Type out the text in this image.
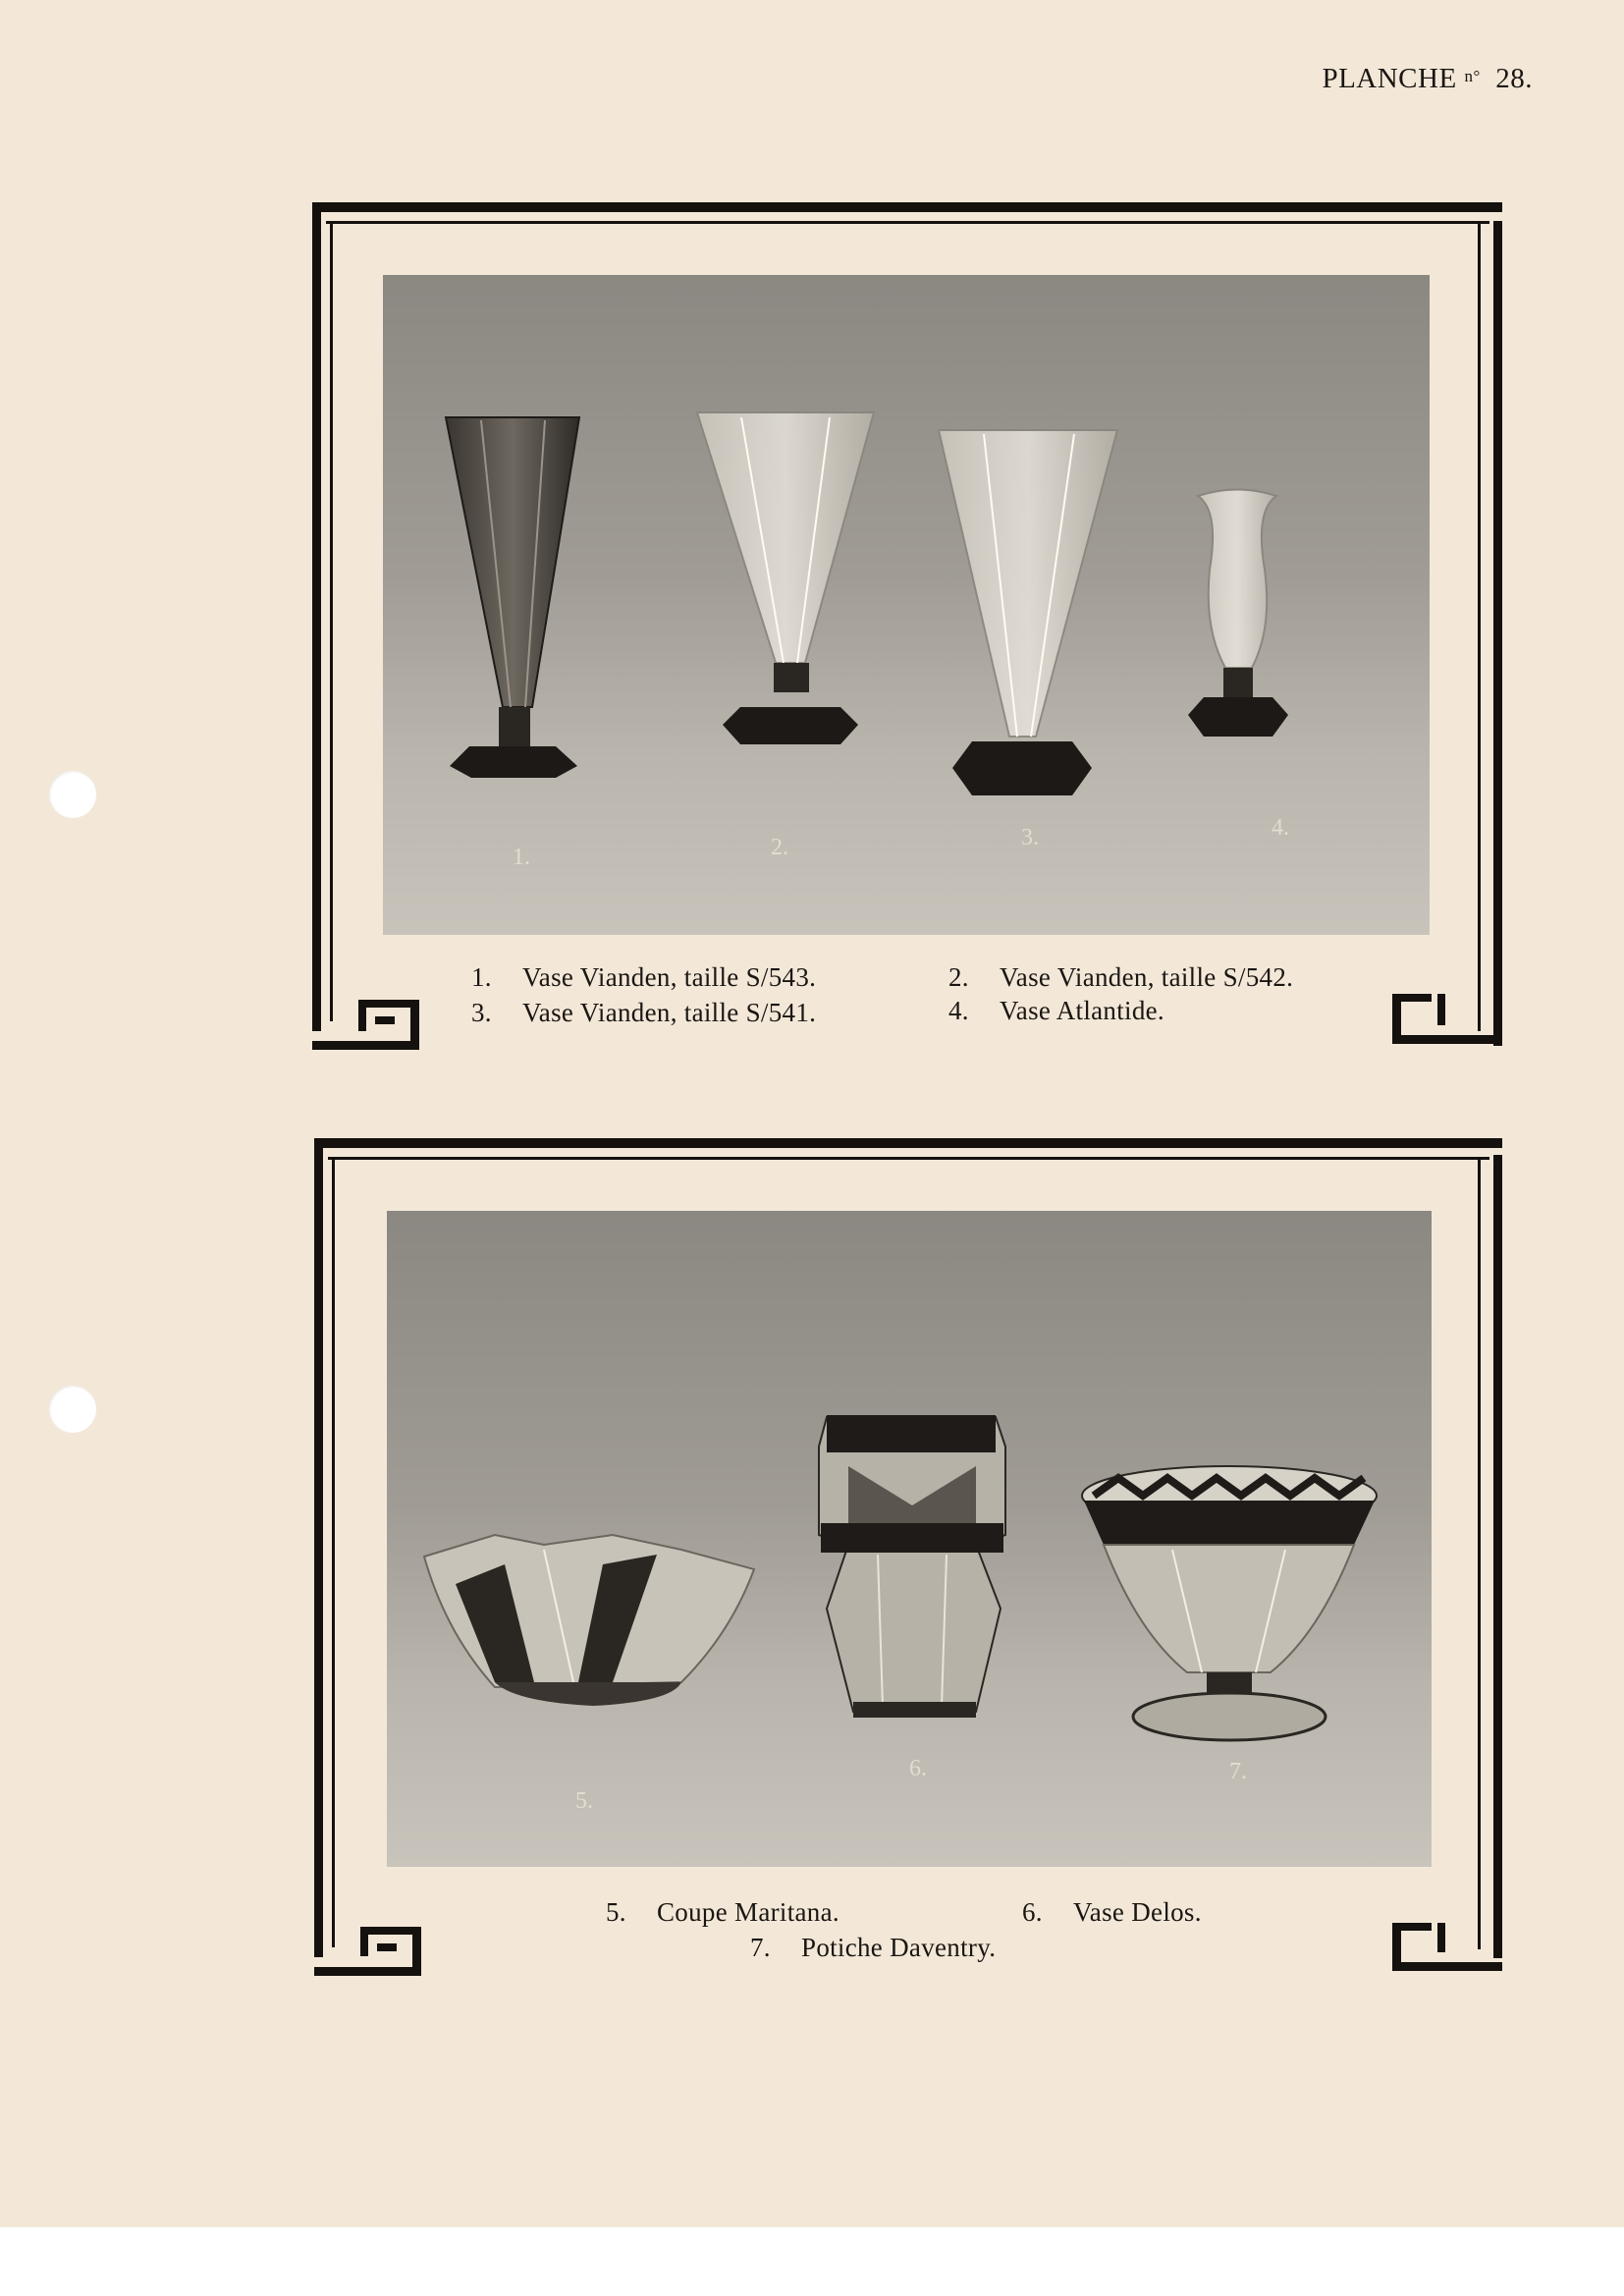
PLANCHE $^{n^\circ}$ 28.
1.	2.	3.	4.
1. Vase Vianden, taille S/543.	2. Vase Vianden, taille S/542.
3. Vase Vianden, taille S/541.	4. Vase Atlantide.
5.
6.	7.
5. Coupe Maritana.	6. Vase Delos.
7. Potiche Daventry.
